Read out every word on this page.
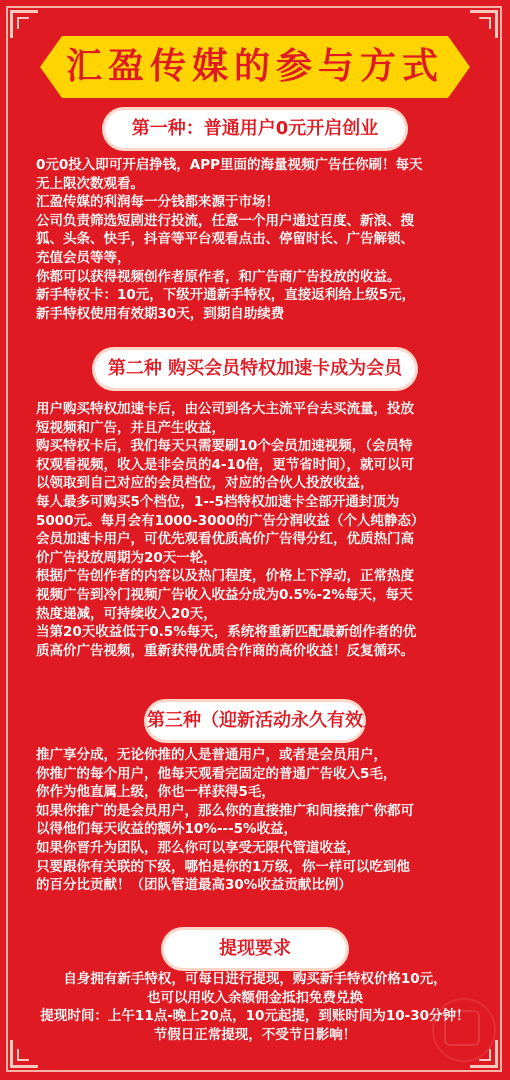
汇盈传媒的参与方式
第一种：普通用户0元开启创业
0元0投入即可开启挣钱，APP里面的海量视频广告任你刷！每天
无上限次数观看。
汇盈传媒的利润每一分钱都来源于市场！
公司负责筛选短剧进行投流，任意一个用户通过百度、新浪、搜
狐、头条、快手，抖音等平台观看点击、停留时长、广告解锁、
充值会员等等，
你都可以获得视频创作者原作者，和广告商广告投放的收益。
新手特权卡：10元，下级开通新手特权，直接返利给上级5元，
新手特权使用有效期30天，到期自助续费
第二种 购买会员特权加速卡成为会员
用户购买特权加速卡后，由公司到各大主流平台去买流量，投放
短视频和广告，并且产生收益，
购买特权卡后，我们每天只需要刷10个会员加速视频，（会员特
权观看视频，收入是非会员的4-10倍，更节省时间），就可以可
以领取到自己对应的会员档位，对应的合伙人投放收益，
每人最多可购买5个档位，1--5档特权加速卡全部开通封顶为
5000元。每月会有1000-3000的广告分润收益（个人纯静态）
会员加速卡用户，可优先观看优质高价广告得分红，优质热门高
价广告投放周期为20天一轮，
根据广告创作者的内容以及热门程度，价格上下浮动，正常热度
视频广告到冷门视频广告收入收益分成为0.5%-2%每天，每天
热度递减，可持续收入20天，
当第20天收益低于0.5%每天，系统将重新匹配最新创作者的优
质高价广告视频，重新获得优质合作商的高价收益！反复循环。
第三种（迎新活动永久有效）
推广享分成，无论你推的人是普通用户，或者是会员用户，
你推广的每个用户，他每天观看完固定的普通广告收入5毛，
你作为他直属上级，你也一样获得5毛，
如果你推广的是会员用户，那么你的直接推广和间接推广你都可
以得他们每天收益的额外10%---5%收益，
如果你晋升为团队，那么你可以享受无限代管道收益，
只要跟你有关联的下级，哪怕是你的1万级，你一样可以吃到他
的百分比贡献！（团队管道最高30%收益贡献比例）
提现要求
自身拥有新手特权，可每日进行提现，购买新手特权价格10元，
也可以用收入余额佣金抵扣免费兑换
提现时间：上午11点-晚上20点，10元起提，到账时间为10-30分钟！
节假日正常提现，不受节日影响！
